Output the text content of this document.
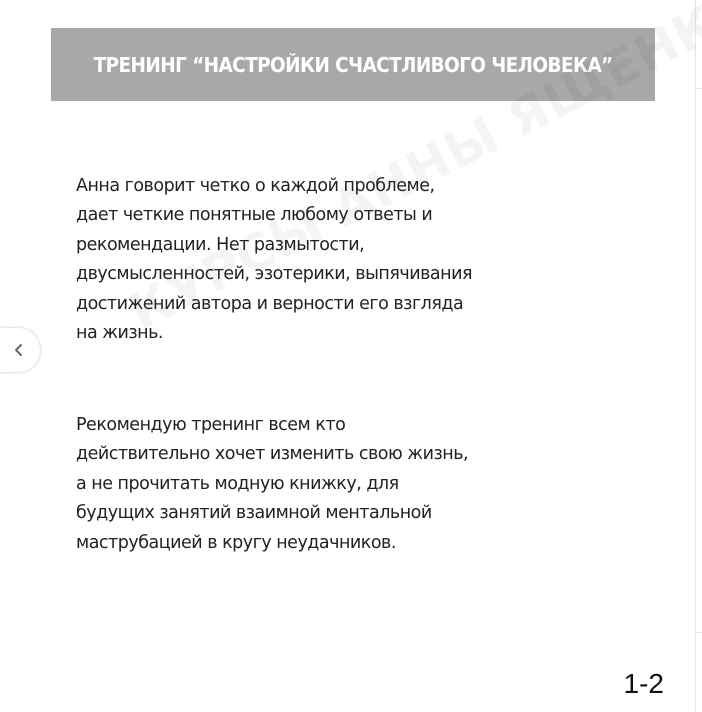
ТРЕНИНГ “НАСТРОЙКИ СЧАСТЛИВОГО ЧЕЛОВЕКА”

Анна говорит четко о каждой проблеме,
дает четкие понятные любому ответы и
рекомендации. Нет размытости,
двусмысленностей, эзотерики, выпячивания
достижений автора и верности его взгляда
на жизнь.

Рекомендую тренинг всем кто
действительно хочет изменить свою жизнь,
а не прочитать модную книжку, для
будущих занятий взаимной ментальной
маструбацией в кругу неудачников.

1-2
